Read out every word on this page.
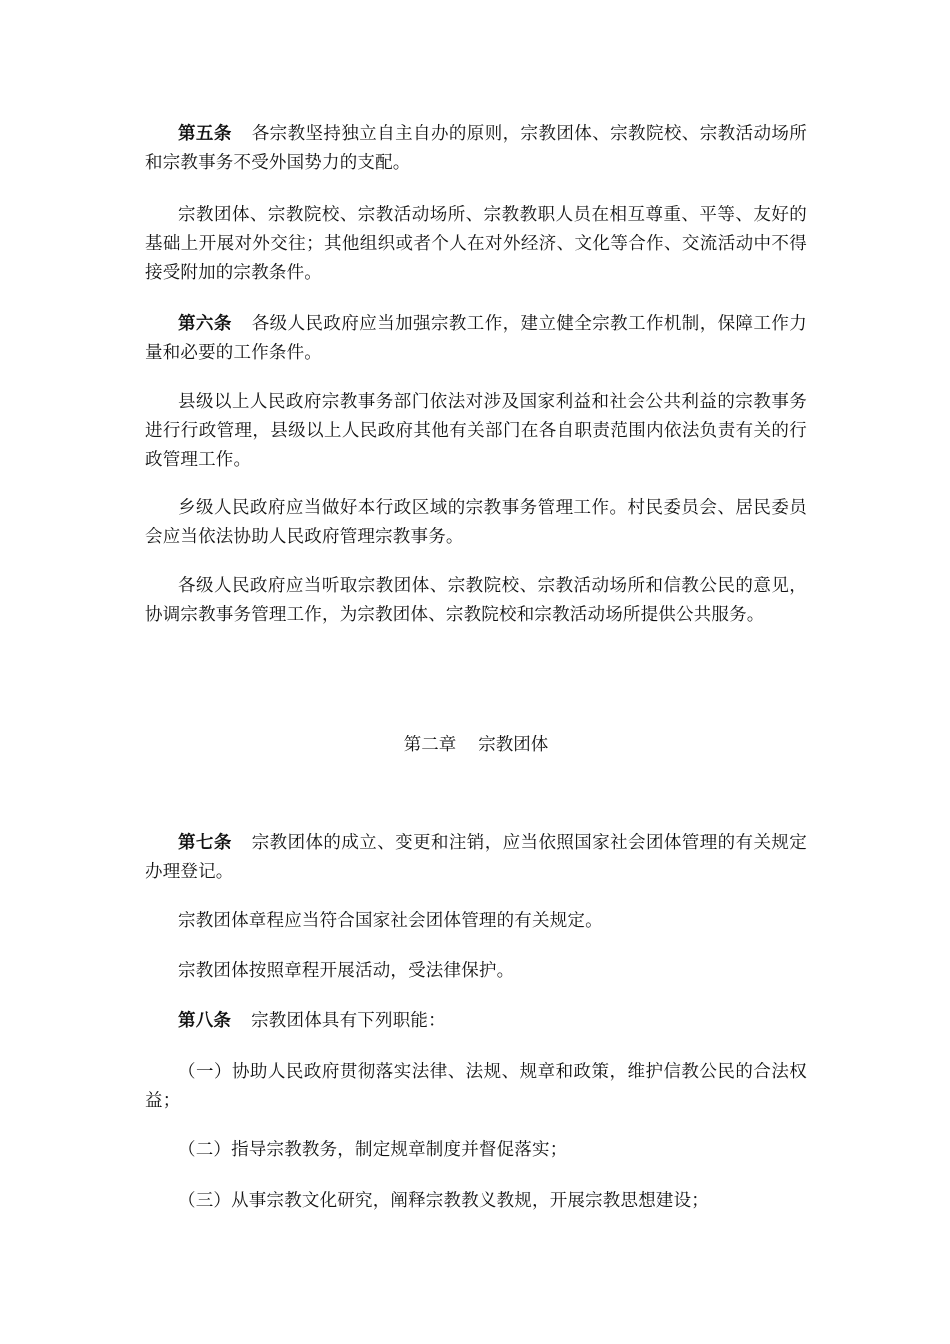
第五条 各宗教坚持独立自主自办的原则，宗教团体、宗教院校、宗教活动场所和宗教事务不受外国势力的支配。

宗教团体、宗教院校、宗教活动场所、宗教教职人员在相互尊重、平等、友好的基础上开展对外交往；其他组织或者个人在对外经济、文化等合作、交流活动中不得接受附加的宗教条件。

第六条 各级人民政府应当加强宗教工作，建立健全宗教工作机制，保障工作力量和必要的工作条件。

县级以上人民政府宗教事务部门依法对涉及国家利益和社会公共利益的宗教事务进行行政管理，县级以上人民政府其他有关部门在各自职责范围内依法负责有关的行政管理工作。

乡级人民政府应当做好本行政区域的宗教事务管理工作。村民委员会、居民委员会应当依法协助人民政府管理宗教事务。

各级人民政府应当听取宗教团体、宗教院校、宗教活动场所和信教公民的意见，协调宗教事务管理工作，为宗教团体、宗教院校和宗教活动场所提供公共服务。

第二章 宗教团体

第七条 宗教团体的成立、变更和注销，应当依照国家社会团体管理的有关规定办理登记。

宗教团体章程应当符合国家社会团体管理的有关规定。

宗教团体按照章程开展活动，受法律保护。

第八条 宗教团体具有下列职能：

（一）协助人民政府贯彻落实法律、法规、规章和政策，维护信教公民的合法权益；

（二）指导宗教教务，制定规章制度并督促落实；

（三）从事宗教文化研究，阐释宗教教义教规，开展宗教思想建设；
